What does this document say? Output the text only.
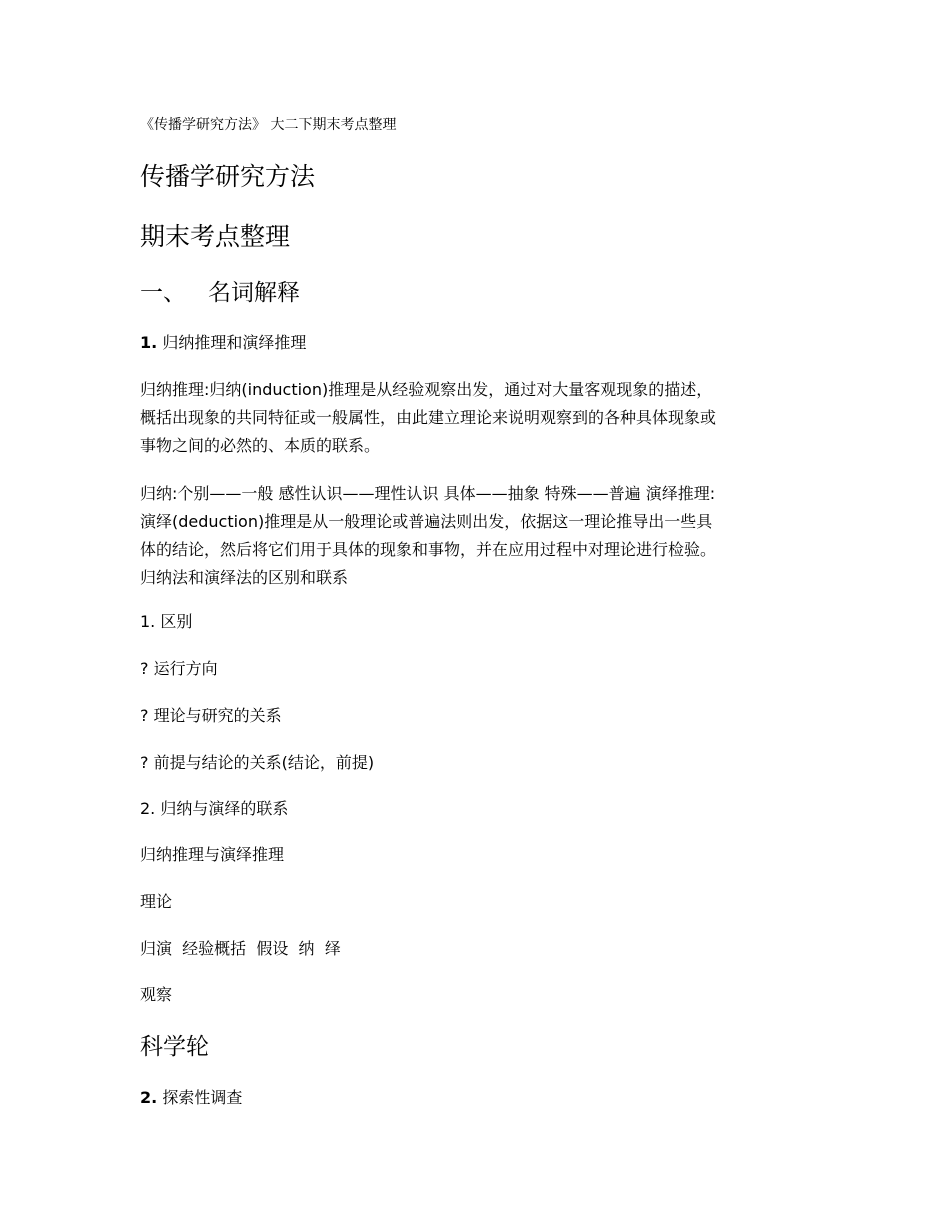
《传播学研究方法》 大二下期末考点整理
传播学研究方法
期末考点整理
一、 名词解释
1. 归纳推理和演绎推理
归纳推理:归纳(induction)推理是从经验观察出发，通过对大量客观现象的描述，
概括出现象的共同特征或一般属性，由此建立理论来说明观察到的各种具体现象或
事物之间的必然的、本质的联系。
归纳:个别——一般 感性认识——理性认识 具体——抽象 特殊——普遍 演绎推理:
演绎(deduction)推理是从一般理论或普遍法则出发，依据这一理论推导出一些具
体的结论，然后将它们用于具体的现象和事物，并在应用过程中对理论进行检验。
归纳法和演绎法的区别和联系
1. 区别
? 运行方向
? 理论与研究的关系
? 前提与结论的关系(结论，前提)
2. 归纳与演绎的联系
归纳推理与演绎推理
理论
归演  经验概括  假设  纳  绎
观察
科学轮
2. 探索性调查
